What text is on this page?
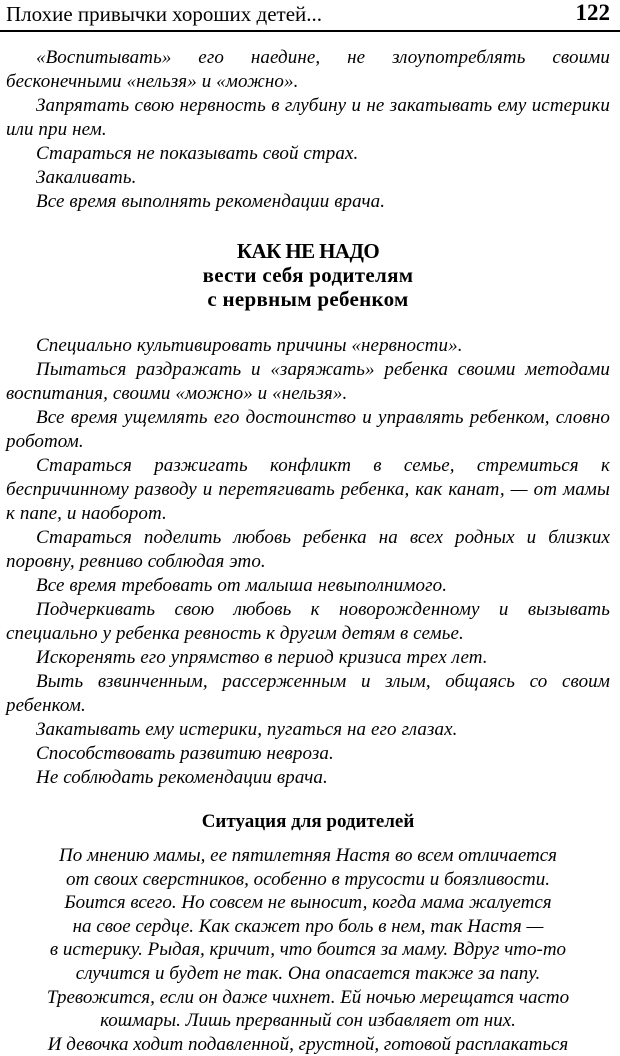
Плохие привычки хороших детей...	122

«Воспитывать» его наедине, не злоупотреблять своими бесконечными «нельзя» и «можно».

Запрятать свою нервность в глубину и не закатывать ему истерики или при нем.

Стараться не показывать свой страх.

Закаливать.

Все время выполнять рекомендации врача.

КАК НЕ НАДО
вести себя родителям
с нервным ребенком

Специально культивировать причины «нервности».

Пытаться раздражать и «заряжать» ребенка своими методами воспитания, своими «можно» и «нельзя».

Все время ущемлять его достоинство и управлять ребенком, словно роботом.

Стараться разжигать конфликт в семье, стремиться к беспричинному разводу и перетягивать ребенка, как канат, — от мамы к папе, и наоборот.

Стараться поделить любовь ребенка на всех родных и близких поровну, ревниво соблюдая это.

Все время требовать от малыша невыполнимого.

Подчеркивать свою любовь к новорожденному и вызывать специально у ребенка ревность к другим детям в семье.

Искоренять его упрямство в период кризиса трех лет.

Выть взвинченным, рассерженным и злым, общаясь со своим ребенком.

Закатывать ему истерики, пугаться на его глазах.

Способствовать развитию невроза.

Не соблюдать рекомендации врача.

Ситуация для родителей
По мнению мамы, ее пятилетняя Настя во всем отличается
от своих сверстников, особенно в трусости и боязливости.
Боится всего. Но совсем не выносит, когда мама жалуется
на свое сердце. Как скажет про боль в нем, так Настя —
в истерику. Рыдая, кричит, что боится за маму. Вдруг что-то
случится и будет не так. Она опасается также за папу.
Тревожится, если он даже чихнет. Ей ночью мерещатся часто
кошмары. Лишь прерванный сон избавляет от них.
И девочка ходит подавленной, грустной, готовой расплакаться
